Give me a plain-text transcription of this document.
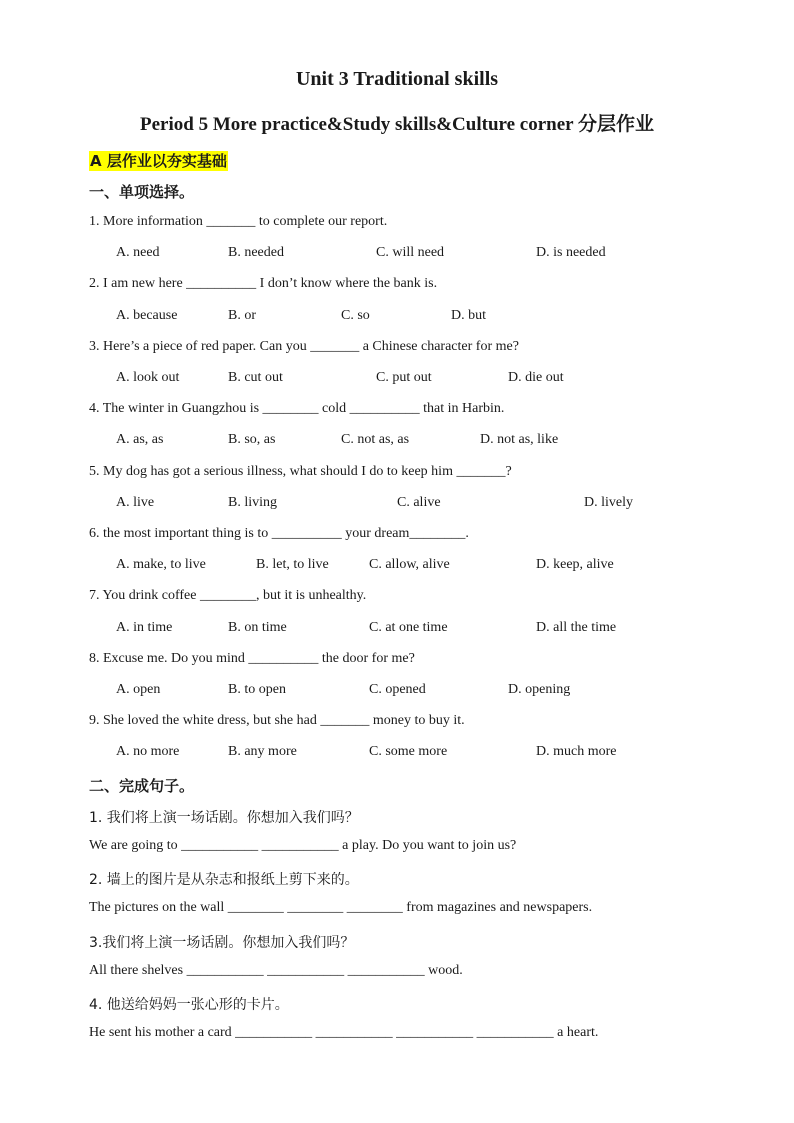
Unit 3 Traditional skills
Period 5 More practice&Study skills&Culture corner 分层作业
A 层作业以夯实基础
一、单项选择。
1. More information _______ to complete our report.
A. need	B. needed	C. will need	D. is needed
2. I am new here __________ I don’t know where the bank is.
A. because	B. or	C. so	D. but
3. Here’s a piece of red paper. Can you _______ a Chinese character for me?
A. look out	B. cut out	C. put out	D. die out
4. The winter in Guangzhou is ________ cold __________ that in Harbin.
A. as, as	B. so, as	C. not as, as	D. not as, like
5. My dog has got a serious illness, what should I do to keep him _______?
A. live	B. living	C. alive	D. lively
6. the most important thing is to __________ your dream________.
A. make, to live	B. let, to live	C. allow, alive	D. keep, alive
7. You drink coffee ________, but it is unhealthy.
A. in time	B. on time	C. at one time	D. all the time
8. Excuse me. Do you mind __________ the door for me?
A. open	B. to open	C. opened	D. opening
9. She loved the white dress, but she had _______ money to buy it.
A. no more	B. any more	C. some more	D. much more
二、完成句子。
1. 我们将上演一场话剧。你想加入我们吗？
We are going to ___________ ___________ a play. Do you want to join us?
2. 墙上的图片是从杂志和报纸上剪下来的。
The pictures on the wall ________ ________ ________ from magazines and newspapers.
3.我们将上演一场话剧。你想加入我们吗？
All there shelves ___________ ___________ ___________ wood.
4. 他送给妈妈一张心形的卡片。
He sent his mother a card ___________ ___________ ___________ ___________ a heart.
